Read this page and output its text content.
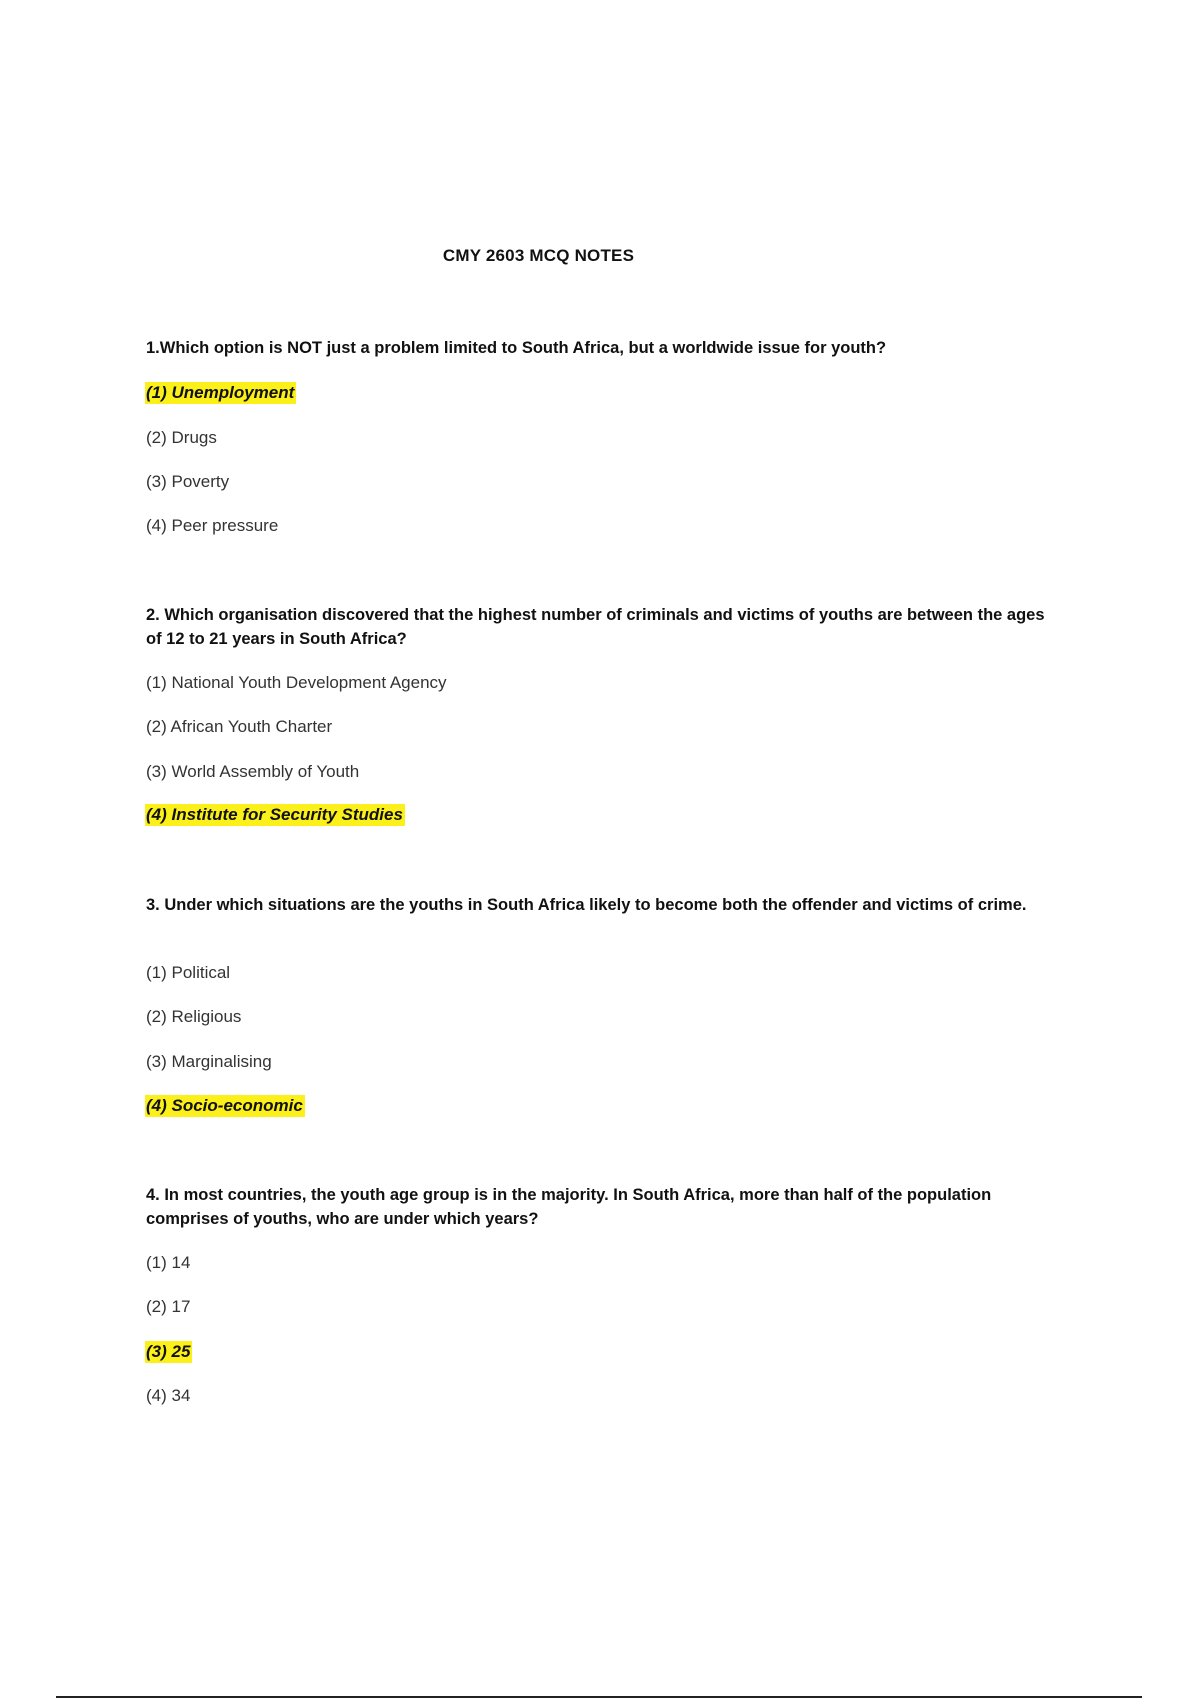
CMY 2603 MCQ NOTES
1.Which option is NOT just a problem limited to South Africa, but a worldwide issue for youth?
(1) Unemployment
(2) Drugs
(3) Poverty
(4) Peer pressure
2. Which organisation discovered that the highest number of criminals and victims of youths are between the ages of 12 to 21 years in South Africa?
(1) National Youth Development Agency
(2) African Youth Charter
(3) World Assembly of Youth
(4) Institute for Security Studies
3. Under which situations are the youths in South Africa likely to become both the offender and victims of crime.
(1) Political
(2) Religious
(3) Marginalising
(4) Socio-economic
4. In most countries, the youth age group is in the majority. In South Africa, more than half of the population comprises of youths, who are under which years?
(1) 14
(2) 17
(3) 25
(4) 34
